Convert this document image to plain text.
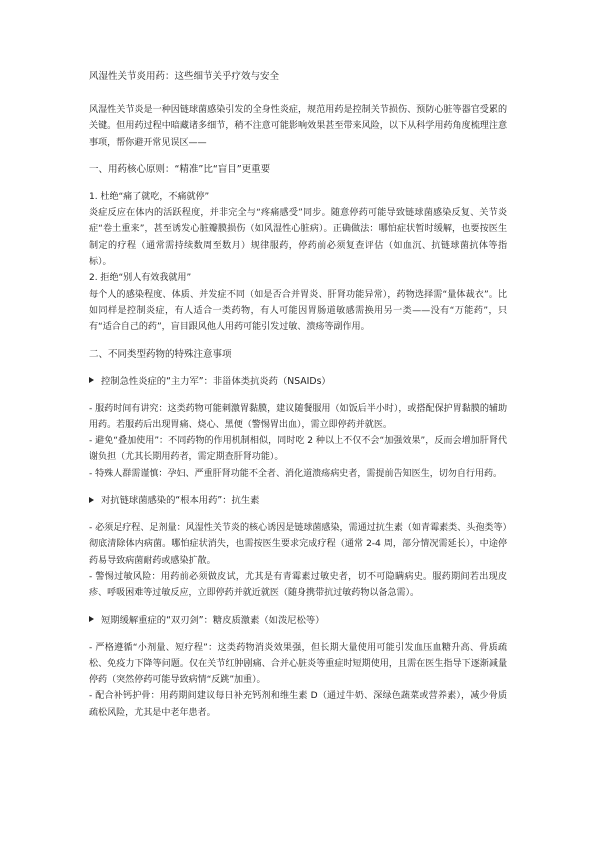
风湿性关节炎用药：这些细节关乎疗效与安全

风湿性关节炎是一种因链球菌感染引发的全身性炎症，规范用药是控制关节损伤、预防心脏等器官受累的关键。但用药过程中暗藏诸多细节，稍不注意可能影响效果甚至带来风险，以下从科学用药角度梳理注意事项，帮你避开常见误区——

一、用药核心原则：“精准”比“盲目”更重要

1. 杜绝“痛了就吃，不痛就停”

炎症反应在体内的活跃程度，并非完全与“疼痛感受”同步。随意停药可能导致链球菌感染反复、关节炎症“卷土重来”，甚至诱发心脏瓣膜损伤（如风湿性心脏病）。正确做法：哪怕症状暂时缓解，也要按医生制定的疗程（通常需持续数周至数月）规律服药，停药前必须复查评估（如血沉、抗链球菌抗体等指标）。

2. 拒绝“别人有效我就用”

每个人的感染程度、体质、并发症不同（如是否合并胃炎、肝肾功能异常），药物选择需“量体裁衣”。比如同样是控制炎症，有人适合一类药物，有人可能因胃肠道敏感需换用另一类——没有“万能药”，只有“适合自己的药”，盲目跟风他人用药可能引发过敏、溃疡等副作用。

二、不同类型药物的特殊注意事项

控制急性炎症的“主力军”：非甾体类抗炎药（NSAIDs）

- 服药时间有讲究：这类药物可能刺激胃黏膜，建议随餐服用（如饭后半小时），或搭配保护胃黏膜的辅助用药。若服药后出现胃痛、烧心、黑便（警惕胃出血），需立即停药并就医。

- 避免“叠加使用”：不同药物的作用机制相似，同时吃 2 种以上不仅不会“加强效果”，反而会增加肝肾代谢负担（尤其长期用药者，需定期查肝肾功能）。

- 特殊人群需谨慎：孕妇、严重肝肾功能不全者、消化道溃疡病史者，需提前告知医生，切勿自行用药。

对抗链球菌感染的“根本用药”：抗生素

- 必须足疗程、足剂量：风湿性关节炎的核心诱因是链球菌感染，需通过抗生素（如青霉素类、头孢类等）彻底清除体内病菌。哪怕症状消失，也需按医生要求完成疗程（通常 2-4 周，部分情况需延长），中途停药易导致病菌耐药或感染扩散。

- 警惕过敏风险：用药前必须做皮试，尤其是有青霉素过敏史者，切不可隐瞒病史。服药期间若出现皮疹、呼吸困难等过敏反应，立即停药并就近就医（随身携带抗过敏药物以备急需）。

短期缓解重症的“双刃剑”：糖皮质激素（如泼尼松等）

- 严格遵循“小剂量、短疗程”：这类药物消炎效果强，但长期大量使用可能引发血压血糖升高、骨质疏松、免疫力下降等问题。仅在关节红肿剧痛、合并心脏炎等重症时短期使用，且需在医生指导下逐渐减量停药（突然停药可能导致病情“反跳”加重）。

- 配合补钙护骨：用药期间建议每日补充钙剂和维生素 D（通过牛奶、深绿色蔬菜或营养素），减少骨质疏松风险，尤其是中老年患者。
